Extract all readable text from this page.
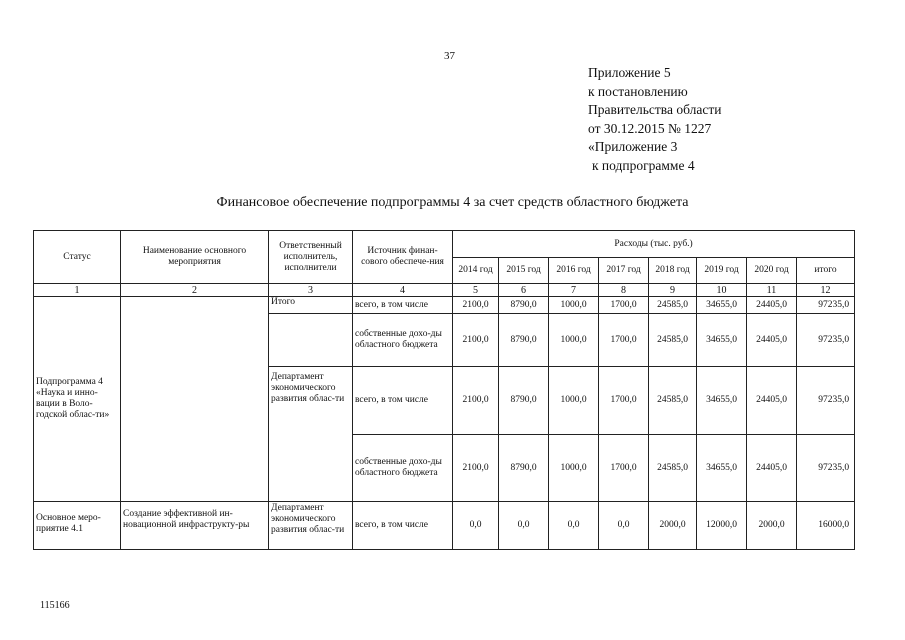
37
Приложение 5
к постановлению
Правительства области
от 30.12.2015 № 1227
«Приложение 3
к подпрограмме 4
Финансовое обеспечение подпрограммы 4 за счет средств областного бюджета
Статус	Наименование основного мероприятия	Ответственный исполнитель, исполнители	Источник финан-сового обеспече-ния	Расходы (тыс. руб.)							
				2014 год	2015 год	2016 год	2017 год	2018 год	2019 год	2020 год	итого
1	2	3	4	5	6	7	8	9	10	11	12
Подпрограмма 4 «Наука и инно-вации в Воло-годской облас-ти»		Итого	всего, в том числе	2100,0	8790,0	1000,0	1700,0	24585,0	34655,0	24405,0	97235,0
			собственные дохо-ды областного бюджета	2100,0	8790,0	1000,0	1700,0	24585,0	34655,0	24405,0	97235,0
		Департамент экономического развития облас-ти	всего, в том числе	2100,0	8790,0	1000,0	1700,0	24585,0	34655,0	24405,0	97235,0
			собственные дохо-ды областного бюджета	2100,0	8790,0	1000,0	1700,0	24585,0	34655,0	24405,0	97235,0
Основное меро-приятие 4.1	Создание эффективной ин-новационной инфраструкту-ры	Департамент экономического развития облас-ти	всего, в том числе	0,0	0,0	0,0	0,0	2000,0	12000,0	2000,0	16000,0
115166
